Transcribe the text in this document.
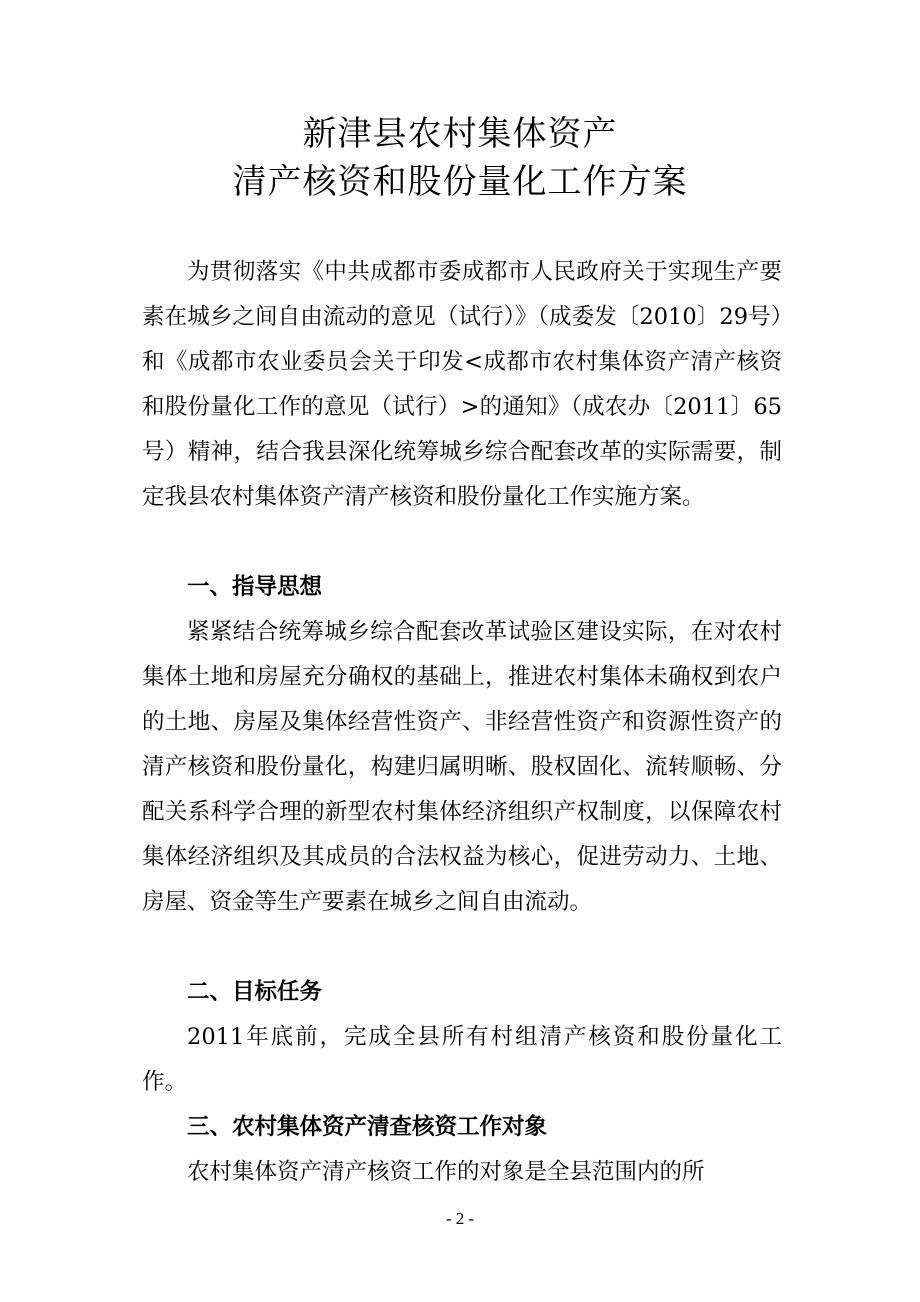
新津县农村集体资产
清产核资和股份量化工作方案

为贯彻落实《中共成都市委成都市人民政府关于实现生产要素在城乡之间自由流动的意见（试行）》（成委发〔2010〕29号）和《成都市农业委员会关于印发<成都市农村集体资产清产核资和股份量化工作的意见（试行）>的通知》（成农办〔2011〕65号）精神，结合我县深化统筹城乡综合配套改革的实际需要，制定我县农村集体资产清产核资和股份量化工作实施方案。

一、指导思想

紧紧结合统筹城乡综合配套改革试验区建设实际，在对农村集体土地和房屋充分确权的基础上，推进农村集体未确权到农户的土地、房屋及集体经营性资产、非经营性资产和资源性资产的清产核资和股份量化，构建归属明晰、股权固化、流转顺畅、分配关系科学合理的新型农村集体经济组织产权制度，以保障农村集体经济组织及其成员的合法权益为核心，促进劳动力、土地、房屋、资金等生产要素在城乡之间自由流动。

二、目标任务

2011年底前，完成全县所有村组清产核资和股份量化工作。

三、农村集体资产清查核资工作对象

农村集体资产清产核资工作的对象是全县范围内的所

- 2 -
